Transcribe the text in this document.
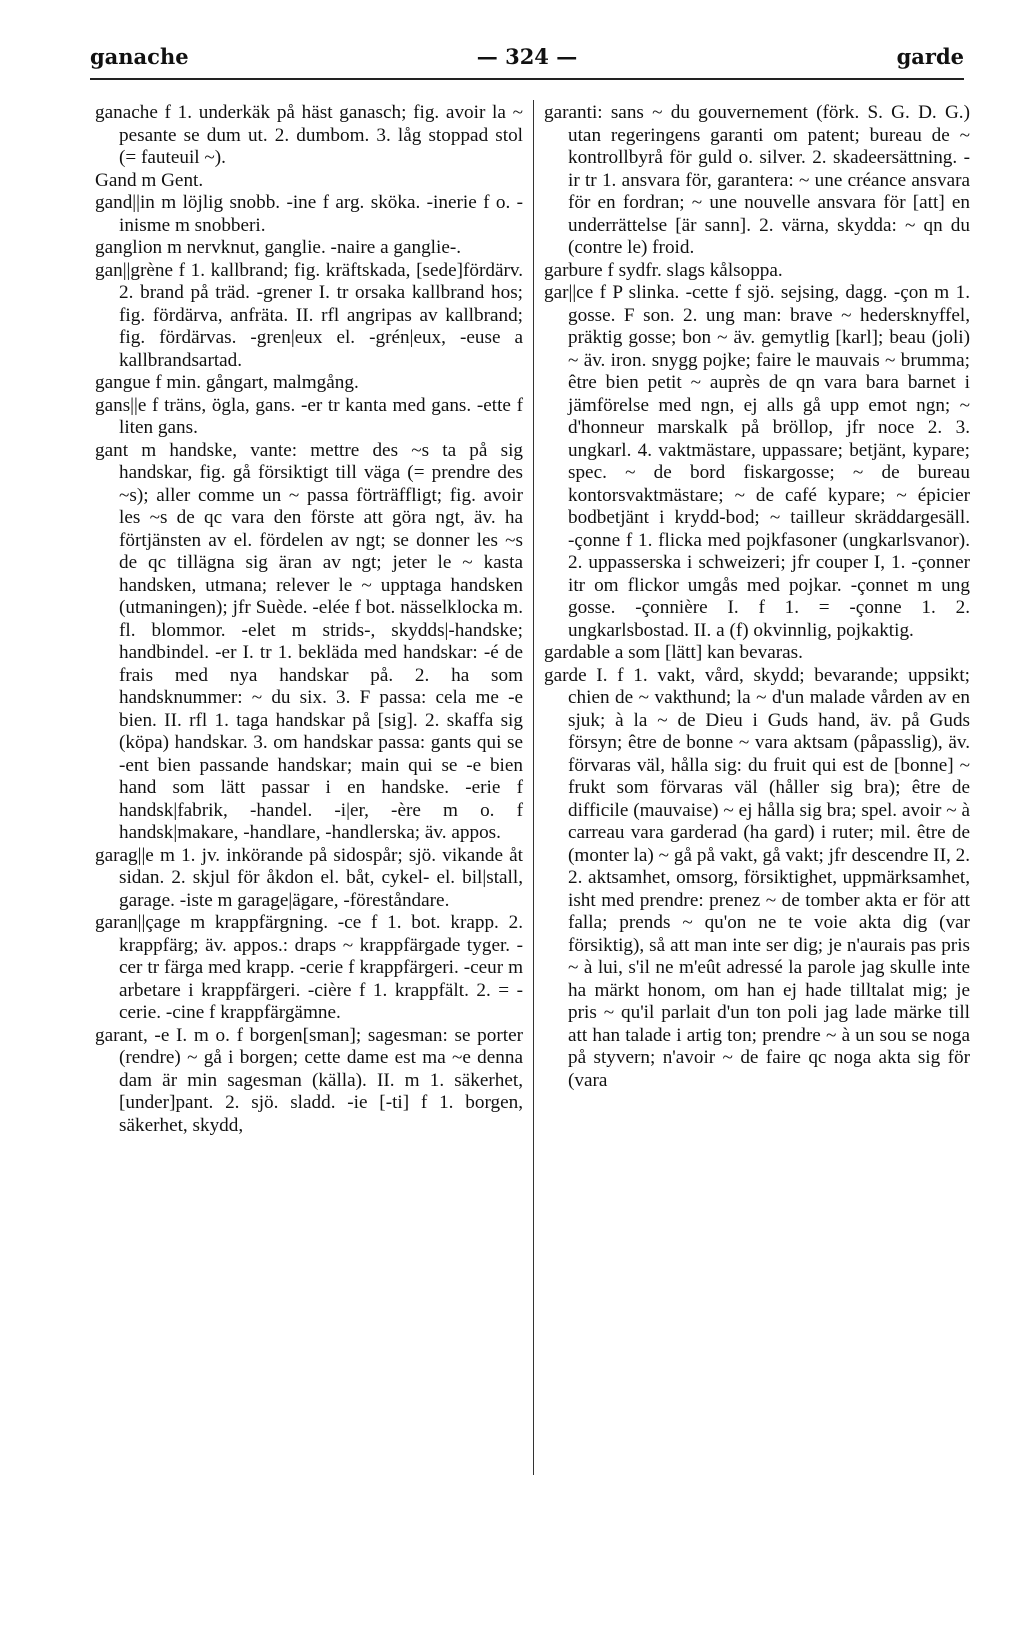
ganache	— 324 —	garde

ganache f 1. underkäk på häst ganasch; fig. avoir la ~ pesante se dum ut. 2. dumbom. 3. låg stoppad stol (= fauteuil ~).

Gand m Gent.

gand||in m löjlig snobb. -ine f arg. sköka. -inerie f o. -inisme m snobberi.

ganglion m nervknut, ganglie. -naire a ganglie-.

gan||grène f 1. kallbrand; fig. kräftskada, [sede]fördärv. 2. brand på träd. -grener I. tr orsaka kallbrand hos; fig. fördärva, anfräta. II. rfl angripas av kallbrand; fig. fördärvas. -gren|eux el. -grén|eux, -euse a kallbrandsartad.

gangue f min. gångart, malmgång.

gans||e f träns, ögla, gans. -er tr kanta med gans. -ette f liten gans.

gant m handske, vante: mettre des ~s ta på sig handskar, fig. gå försiktigt till väga (= prendre des ~s); aller comme un ~ passa förträffligt; fig. avoir les ~s de qc vara den förste att göra ngt, äv. ha förtjänsten av el. fördelen av ngt; se donner les ~s de qc tillägna sig äran av ngt; jeter le ~ kasta handsken, utmana; relever le ~ upptaga handsken (utmaningen); jfr Suède. -elée f bot. nässelklocka m. fl. blommor. -elet m strids-, skydds|-handske; handbindel. -er I. tr 1. bekläda med handskar: -é de frais med nya handskar på. 2. ha som handsknummer: ~ du six. 3. F passa: cela me -e bien. II. rfl 1. taga handskar på [sig]. 2. skaffa sig (köpa) handskar. 3. om handskar passa: gants qui se -ent bien passande handskar; main qui se -e bien hand som lätt passar i en handske. -erie f handsk|fabrik, -handel. -i|er, -ère m o. f handsk|makare, -handlare, -handlerska; äv. appos.

garag||e m 1. jv. inkörande på sidospår; sjö. vikande åt sidan. 2. skjul för åkdon el. båt, cykel- el. bil|stall, garage. -iste m garage|ägare, -föreståndare.

garan||çage m krappfärgning. -ce f 1. bot. krapp. 2. krappfärg; äv. appos.: draps ~ krappfärgade tyger. -cer tr färga med krapp. -cerie f krappfärgeri. -ceur m arbetare i krappfärgeri. -cière f 1. krappfält. 2. = -cerie. -cine f krappfärgämne.

garant, -e I. m o. f borgen[sman]; sagesman: se porter (rendre) ~ gå i borgen; cette dame est ma ~e denna dam är min sagesman (källa). II. m 1. säkerhet, [under]pant. 2. sjö. sladd. -ie [-ti] f 1. borgen, säkerhet, skydd,

garanti: sans ~ du gouvernement (förk. S. G. D. G.) utan regeringens garanti om patent; bureau de ~ kontrollbyrå för guld o. silver. 2. skadeersättning. -ir tr 1. ansvara för, garantera: ~ une créance ansvara för en fordran; ~ une nouvelle ansvara för [att] en underrättelse [är sann]. 2. värna, skydda: ~ qn du (contre le) froid.

garbure f sydfr. slags kålsoppa.

gar||ce f P slinka. -cette f sjö. sejsing, dagg. -çon m 1. gosse. F son. 2. ung man: brave ~ hedersknyffel, präktig gosse; bon ~ äv. gemytlig [karl]; beau (joli) ~ äv. iron. snygg pojke; faire le mauvais ~ brumma; être bien petit ~ auprès de qn vara bara barnet i jämförelse med ngn, ej alls gå upp emot ngn; ~ d'honneur marskalk på bröllop, jfr noce 2. 3. ungkarl. 4. vaktmästare, uppassare; betjänt, kypare; spec. ~ de bord fiskargosse; ~ de bureau kontorsvaktmästare; ~ de café kypare; ~ épicier bodbetjänt i krydd-bod; ~ tailleur skräddargesäll. -çonne f 1. flicka med pojkfasoner (ungkarlsvanor). 2. uppasserska i schweizeri; jfr couper I, 1. -çonner itr om flickor umgås med pojkar. -çonnet m ung gosse. -çonnière I. f 1. = -çonne 1. 2. ungkarlsbostad. II. a (f) okvinnlig, pojkaktig.

gardable a som [lätt] kan bevaras.

garde I. f 1. vakt, vård, skydd; bevarande; uppsikt; chien de ~ vakthund; la ~ d'un malade vården av en sjuk; à la ~ de Dieu i Guds hand, äv. på Guds försyn; être de bonne ~ vara aktsam (påpasslig), äv. förvaras väl, hålla sig: du fruit qui est de [bonne] ~ frukt som förvaras väl (håller sig bra); être de difficile (mauvaise) ~ ej hålla sig bra; spel. avoir ~ à carreau vara garderad (ha gard) i ruter; mil. être de (monter la) ~ gå på vakt, gå vakt; jfr descendre II, 2. 2. aktsamhet, omsorg, försiktighet, uppmärksamhet, isht med prendre: prenez ~ de tomber akta er för att falla; prends ~ qu'on ne te voie akta dig (var försiktig), så att man inte ser dig; je n'aurais pas pris ~ à lui, s'il ne m'eût adressé la parole jag skulle inte ha märkt honom, om han ej hade tilltalat mig; je pris ~ qu'il parlait d'un ton poli jag lade märke till att han talade i artig ton; prendre ~ à un sou se noga på styvern; n'avoir ~ de faire qc noga akta sig för (vara
